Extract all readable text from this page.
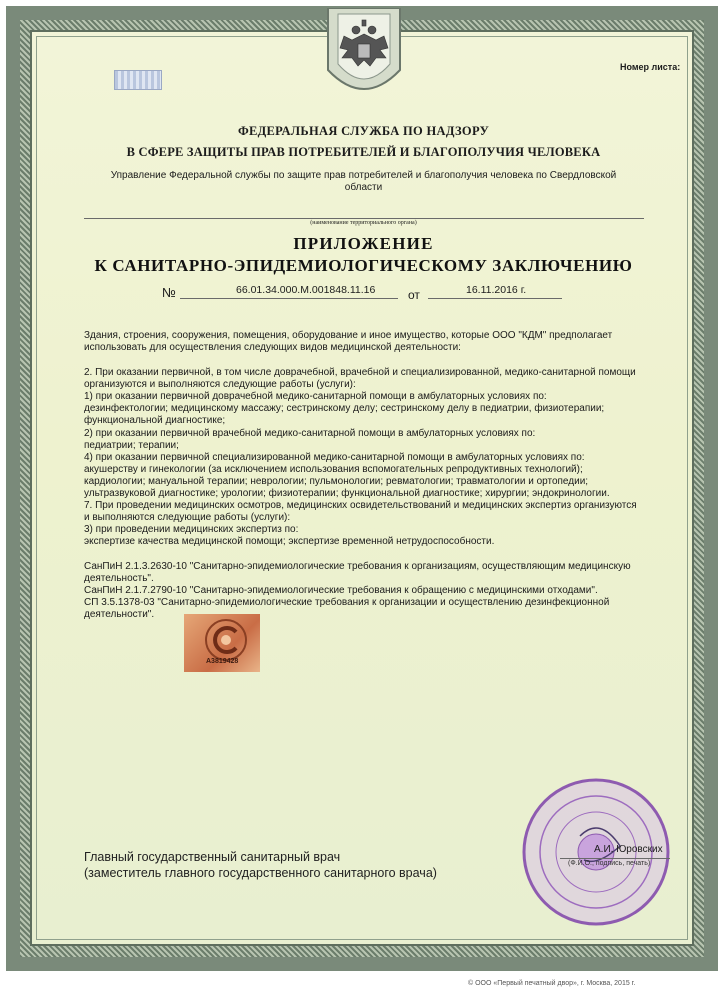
Номер листа:
ФЕДЕРАЛЬНАЯ СЛУЖБА ПО НАДЗОРУ
В СФЕРЕ ЗАЩИТЫ ПРАВ ПОТРЕБИТЕЛЕЙ И БЛАГОПОЛУЧИЯ ЧЕЛОВЕКА
Управление Федеральной службы по защите прав потребителей и благополучия человека по Свердловской
области
(наименование территориального органа)
ПРИЛОЖЕНИЕ
К САНИТАРНО-ЭПИДЕМИОЛОГИЧЕСКОМУ ЗАКЛЮЧЕНИЮ
№	66.01.34.000.М.001848.11.16	от	16.11.2016 г.
Здания, строения, сооружения, помещения, оборудование и иное имущество, которые ООО "КДМ" предполагает
использовать для осуществления следующих видов медицинской деятельности:
2. При оказании первичной, в том числе доврачебной, врачебной и специализированной, медико-санитарной помощи
организуются и выполняются следующие работы (услуги):
1) при оказании первичной доврачебной медико-санитарной помощи в амбулаторных условиях по:
дезинфектологии; медицинскому массажу; сестринскому делу; сестринскому делу в педиатрии, физиотерапии;
функциональной диагностике;
2) при оказании первичной врачебной медико-санитарной помощи в амбулаторных условиях по:
педиатрии; терапии;
4) при оказании первичной специализированной медико-санитарной помощи в амбулаторных условиях по:
акушерству и гинекологии (за исключением использования вспомогательных репродуктивных технологий);
кардиологии; мануальной терапии; неврологии; пульмонологии; ревматологии; травматологии и ортопедии;
ультразвуковой диагностике; урологии; физиотерапии; функциональной диагностике; хирургии; эндокринологии.
7. При проведении медицинских осмотров, медицинских освидетельствований и медицинских экспертиз организуются
и выполняются следующие работы (услуги):
3) при проведении медицинских экспертиз по:
экспертизе качества медицинской помощи; экспертизе временной нетрудоспособности.
СанПиН 2.1.3.2630-10 "Санитарно-эпидемиологические требования к организациям, осуществляющим медицинскую
деятельность".
СанПиН 2.1.7.2790-10 "Санитарно-эпидемиологические требования к обращению с медицинскими отходами".
СП 3.5.1378-03 "Санитарно-эпидемиологические требования к организации и осуществлению дезинфекционной
деятельности".
А3819428
Главный государственный санитарный врач
(заместитель главного государственного санитарного врача)
А.И. Юровских
(Ф.И.О., подпись, печать)
© ООО «Первый печатный двор», г. Москва, 2015 г.
